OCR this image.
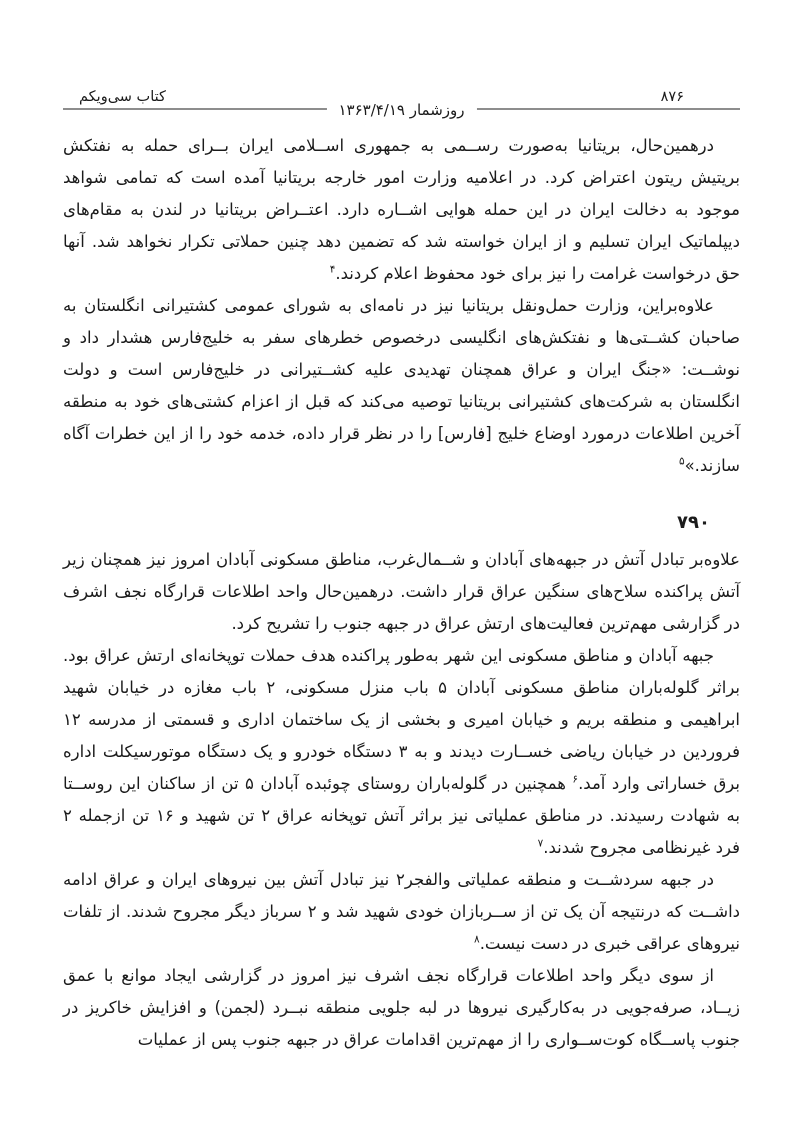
۸۷۶
کتاب سی‌ویکم
روزشمار ۱۳۶۳/۴/۱۹

درهمین‌حال، بریتانیا به‌صورت رســمی به جمهوری اســلامی ایران بــرای حمله به نفتکش بریتیش ریتون اعتراض کرد. در اعلامیه وزارت امور خارجه بریتانیا آمده است که تمامی شواهد موجود به دخالت ایران در این حمله هوایی اشــاره دارد. اعتــراض بریتانیا در لندن به مقام‌های دیپلماتیک ایران تسلیم و از ایران خواسته شد که تضمین دهد چنین حملاتی تکرار نخواهد شد. آنها حق درخواست غرامت را نیز برای خود محفوظ اعلام کردند.$^۴$

علاوه‌براین، وزارت حمل‌ونقل بریتانیا نیز در نامه‌ای به شورای عمومی کشتیرانی انگلستان به صاحبان کشــتی‌ها و نفتکش‌های انگلیسی درخصوص خطرهای سفر به خلیج‌فارس هشدار داد و نوشــت: «جنگ ایران و عراق همچنان تهدیدی علیه کشــتیرانی در خلیج‌فارس است و دولت انگلستان به شرکت‌های کشتیرانی بریتانیا توصیه می‌کند که قبل از اعزام کشتی‌های خود به منطقه آخرین اطلاعات درمورد اوضاع خلیج [فارس] را در نظر قرار داده، خدمه خود را از این خطرات آگاه سازند.»$^۵$

۷۹۰

علاوه‌بر تبادل آتش در جبهه‌های آبادان و شــمال‌غرب، مناطق مسکونی آبادان امروز نیز همچنان زیر آتش پراکنده سلاح‌های سنگین عراق قرار داشت. درهمین‌حال واحد اطلاعات قرارگاه نجف اشرف در گزارشی مهم‌ترین فعالیت‌های ارتش عراق در جبهه جنوب را تشریح کرد.

جبهه آبادان و مناطق مسکونی این شهر به‌طور پراکنده هدف حملات توپخانه‌ای ارتش عراق بود. براثر گلوله‌باران مناطق مسکونی آبادان ۵ باب منزل مسکونی، ۲ باب مغازه در خیابان شهید ابراهیمی و منطقه بریم و خیابان امیری و بخشی از یک ساختمان اداری و قسمتی از مدرسه ۱۲ فروردین در خیابان ریاضی خســارت دیدند و به ۳ دستگاه خودرو و یک دستگاه موتورسیکلت اداره برق خساراتی وارد آمد.$^۶$ همچنین در گلوله‌باران روستای چوئبده آبادان ۵ تن از ساکنان این روســتا به شهادت رسیدند. در مناطق عملیاتی نیز براثر آتش توپخانه عراق ۲ تن شهید و ۱۶ تن ازجمله ۲ فرد غیرنظامی مجروح شدند.$^۷$

در جبهه سردشــت و منطقه عملیاتی والفجر۲ نیز تبادل آتش بین نیروهای ایران و عراق ادامه داشــت که درنتیجه آن یک تن از ســربازان خودی شهید شد و ۲ سرباز دیگر مجروح شدند. از تلفات نیروهای عراقی خبری در دست نیست.$^۸$

از سوی دیگر واحد اطلاعات قرارگاه نجف اشرف نیز امروز در گزارشی ایجاد موانع با عمق زیــاد، صرفه‌جویی در به‌کارگیری نیروها در لبه جلویی منطقه نبــرد (لجمن) و افزایش خاکریز در جنوب پاســگاه کوت‌ســواری را از مهم‌ترین اقدامات عراق در جبهه جنوب پس از عملیات
